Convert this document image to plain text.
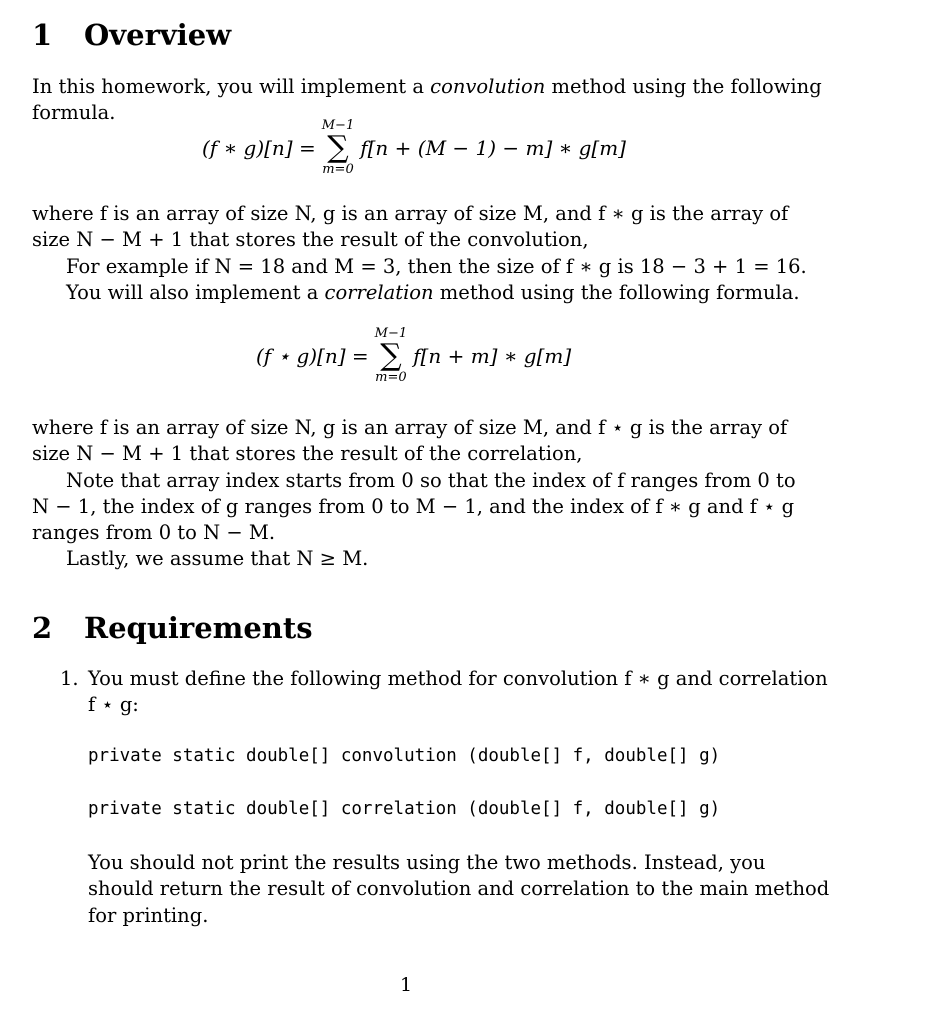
1 Overview
In this homework, you will implement a convolution method using the following
formula.
(f ∗ g)[n] =
M−1
∑
m=0
f[n + (M − 1) − m] ∗ g[m]
where f is an array of size N, g is an array of size M, and f ∗ g is the array of
size N − M + 1 that stores the result of the convolution,
For example if N = 18 and M = 3, then the size of f ∗ g is 18 − 3 + 1 = 16.
You will also implement a correlation method using the following formula.
(f ⋆ g)[n] =
M−1
∑
m=0
f[n + m] ∗ g[m]
where f is an array of size N, g is an array of size M, and f ⋆ g is the array of
size N − M + 1 that stores the result of the correlation,
Note that array index starts from 0 so that the index of f ranges from 0 to
N − 1, the index of g ranges from 0 to M − 1, and the index of f ∗ g and f ⋆ g
ranges from 0 to N − M.
Lastly, we assume that N ≥ M.
2 Requirements
1. You must define the following method for convolution f ∗ g and correlation
f ⋆ g:
private static double[] convolution (double[] f, double[] g)
private static double[] correlation (double[] f, double[] g)
You should not print the results using the two methods. Instead, you
should return the result of convolution and correlation to the main method
for printing.
1
